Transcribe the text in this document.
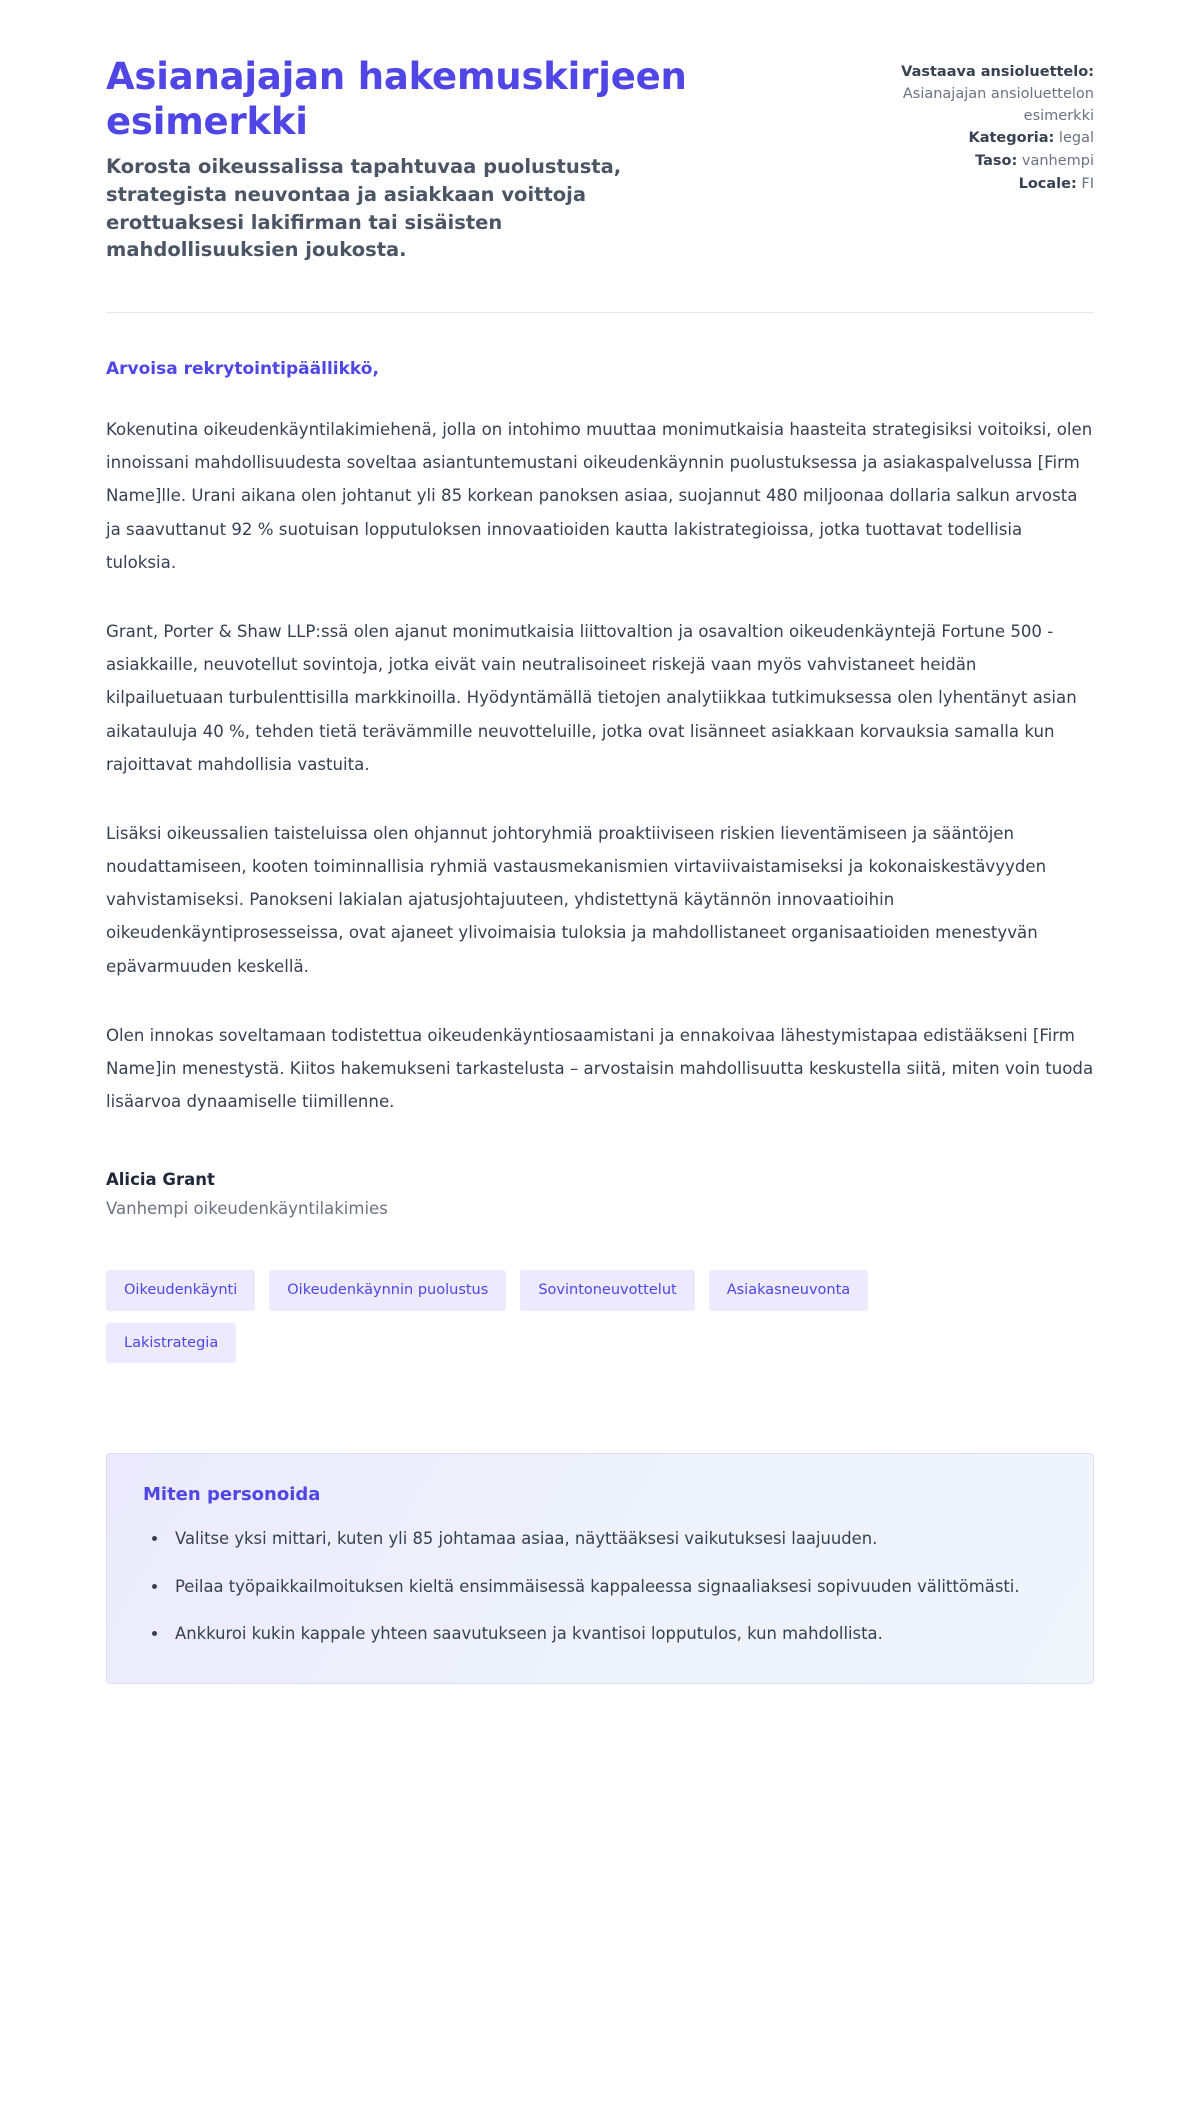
Asianajajan hakemuskirjeen esimerkki

Korosta oikeussalissa tapahtuvaa puolustusta, strategista neuvontaa ja asiakkaan voittoja erottuaksesi lakifirman tai sisäisten mahdollisuuksien joukosta.

Vastaava ansioluettelo: Asianajajan ansioluettelon esimerkki
Kategoria: legal
Taso: vanhempi
Locale: FI

Arvoisa rekrytointipäällikkö,

Kokenutina oikeudenkäyntilakimiehenä, jolla on intohimo muuttaa monimutkaisia haasteita strategisiksi voitoiksi, olen innoissani mahdollisuudesta soveltaa asiantuntemustani oikeudenkäynnin puolustuksessa ja asiakaspalvelussa [Firm Name]lle. Urani aikana olen johtanut yli 85 korkean panoksen asiaa, suojannut 480 miljoonaa dollaria salkun arvosta ja saavuttanut 92 % suotuisan lopputuloksen innovaatioiden kautta lakistrategioissa, jotka tuottavat todellisia tuloksia.

Grant, Porter & Shaw LLP:ssä olen ajanut monimutkaisia liittovaltion ja osavaltion oikeudenkäyntejä Fortune 500 -asiakkaille, neuvotellut sovintoja, jotka eivät vain neutralisoineet riskejä vaan myös vahvistaneet heidän kilpailuetuaan turbulenttisilla markkinoilla. Hyödyntämällä tietojen analytiikkaa tutkimuksessa olen lyhentänyt asian aikatauluja 40 %, tehden tietä terävämmille neuvotteluille, jotka ovat lisänneet asiakkaan korvauksia samalla kun rajoittavat mahdollisia vastuita.

Lisäksi oikeussalien taisteluissa olen ohjannut johtoryhmiä proaktiiviseen riskien lieventämiseen ja sääntöjen noudattamiseen, kooten toiminnallisia ryhmiä vastausmekanismien virtaviivaistamiseksi ja kokonaiskestävyyden vahvistamiseksi. Panokseni lakialan ajatusjohtajuuteen, yhdistettynä käytännön innovaatioihin oikeudenkäyntiprosesseissa, ovat ajaneet ylivoimaisia tuloksia ja mahdollistaneet organisaatioiden menestyvän epävarmuuden keskellä.

Olen innokas soveltamaan todistettua oikeudenkäyntiosaamistani ja ennakoivaa lähestymistapaa edistääkseni [Firm Name]in menestystä. Kiitos hakemukseni tarkastelusta – arvostaisin mahdollisuutta keskustella siitä, miten voin tuoda lisäarvoa dynaamiselle tiimillenne.

Alicia Grant

Vanhempi oikeudenkäyntilakimies

Oikeudenkäynti	Oikeudenkäynnin puolustus	Sovintoneuvottelut	Asiakasneuvonta
Lakistrategia
Miten personoida
• Valitse yksi mittari, kuten yli 85 johtamaa asiaa, näyttääksesi vaikutuksesi laajuuden.
• Peilaa työpaikkailmoituksen kieltä ensimmäisessä kappaleessa signaaliaksesi sopivuuden välittömästi.
• Ankkuroi kukin kappale yhteen saavutukseen ja kvantisoi lopputulos, kun mahdollista.
